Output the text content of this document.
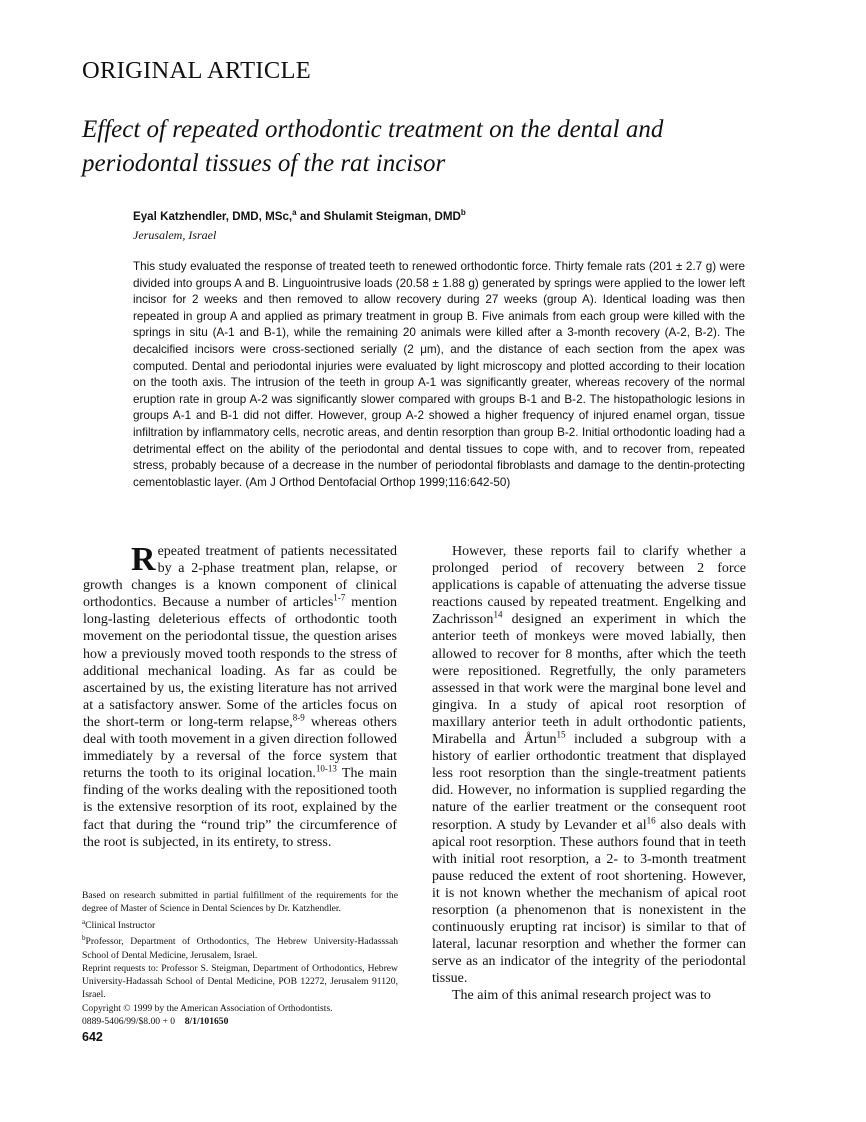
ORIGINAL ARTICLE
Effect of repeated orthodontic treatment on the dental and periodontal tissues of the rat incisor
Eyal Katzhendler, DMD, MSc,$^a$ and Shulamit Steigman, DMD$^b$
Jerusalem, Israel
This study evaluated the response of treated teeth to renewed orthodontic force. Thirty female rats (201 ± 2.7 g) were divided into groups A and B. Linguointrusive loads (20.58 ± 1.88 g) generated by springs were applied to the lower left incisor for 2 weeks and then removed to allow recovery during 27 weeks (group A). Identical loading was then repeated in group A and applied as primary treatment in group B. Five animals from each group were killed with the springs in situ (A-1 and B-1), while the remaining 20 animals were killed after a 3-month recovery (A-2, B-2). The decalcified incisors were cross-sectioned serially (2 μm), and the distance of each section from the apex was computed. Dental and periodontal injuries were evaluated by light microscopy and plotted according to their location on the tooth axis. The intrusion of the teeth in group A-1 was significantly greater, whereas recovery of the normal eruption rate in group A-2 was significantly slower compared with groups B-1 and B-2. The histopathologic lesions in groups A-1 and B-1 did not differ. However, group A-2 showed a higher frequency of injured enamel organ, tissue infiltration by inflammatory cells, necrotic areas, and dentin resorption than group B-2. Initial orthodontic loading had a detrimental effect on the ability of the periodontal and dental tissues to cope with, and to recover from, repeated stress, probably because of a decrease in the number of periodontal fibroblasts and damage to the dentin-protecting cementoblastic layer. (Am J Orthod Dentofacial Orthop 1999;116:642-50)
R epeated treatment of patients necessitated by a 2-phase treatment plan, relapse, or growth changes is a known component of clinical orthodontics. Because a number of articles$^{1-7}$ mention long-lasting deleterious effects of orthodontic tooth movement on the periodontal tissue, the question arises how a previously moved tooth responds to the stress of additional mechanical loading. As far as could be ascertained by us, the existing literature has not arrived at a satisfactory answer. Some of the articles focus on the short-term or long-term relapse,$^{8-9}$ whereas others deal with tooth movement in a given direction followed immediately by a reversal of the force system that returns the tooth to its original location.$^{10-13}$ The main finding of the works dealing with the repositioned tooth is the extensive resorption of its root, explained by the fact that during the “round trip” the circumference of the root is subjected, in its entirety, to stress.

However, these reports fail to clarify whether a prolonged period of recovery between 2 force applications is capable of attenuating the adverse tissue reactions caused by repeated treatment. Engelking and Zachrisson$^{14}$ designed an experiment in which the anterior teeth of monkeys were moved labially, then allowed to recover for 8 months, after which the teeth were repositioned. Regretfully, the only parameters assessed in that work were the marginal bone level and gingiva. In a study of apical root resorption of maxillary anterior teeth in adult orthodontic patients, Mirabella and Årtun$^{15}$ included a subgroup with a history of earlier orthodontic treatment that displayed less root resorption than the single-treatment patients did. However, no information is supplied regarding the nature of the earlier treatment or the consequent root resorption. A study by Levander et $al^{16}$ also deals with apical root resorption. These authors found that in teeth with initial root resorption, a 2- to 3-month treatment pause reduced the extent of root shortening. However, it is not known whether the mechanism of apical root resorption (a phenomenon that is nonexistent in the continuously erupting rat incisor) is similar to that of lateral, lacunar resorption and whether the former can serve as an indicator of the integrity of the periodontal tissue.

The aim of this animal research project was to

Based on research submitted in partial fulfillment of the requirements for the degree of Master of Science in Dental Sciences by Dr. Katzhendler.
$^a$Clinical Instructor
$^b$Professor, Department of Orthodontics, The Hebrew University-Hadasssah School of Dental Medicine, Jerusalem, Israel.
Reprint requests to: Professor S. Steigman, Department of Orthodontics, Hebrew University-Hadassah School of Dental Medicine, POB 12272, Jerusalem 91120, Israel.
Copyright © 1999 by the American Association of Orthodontists.
0889-5406/99/$8.00 + 0 8/1/101650
642
